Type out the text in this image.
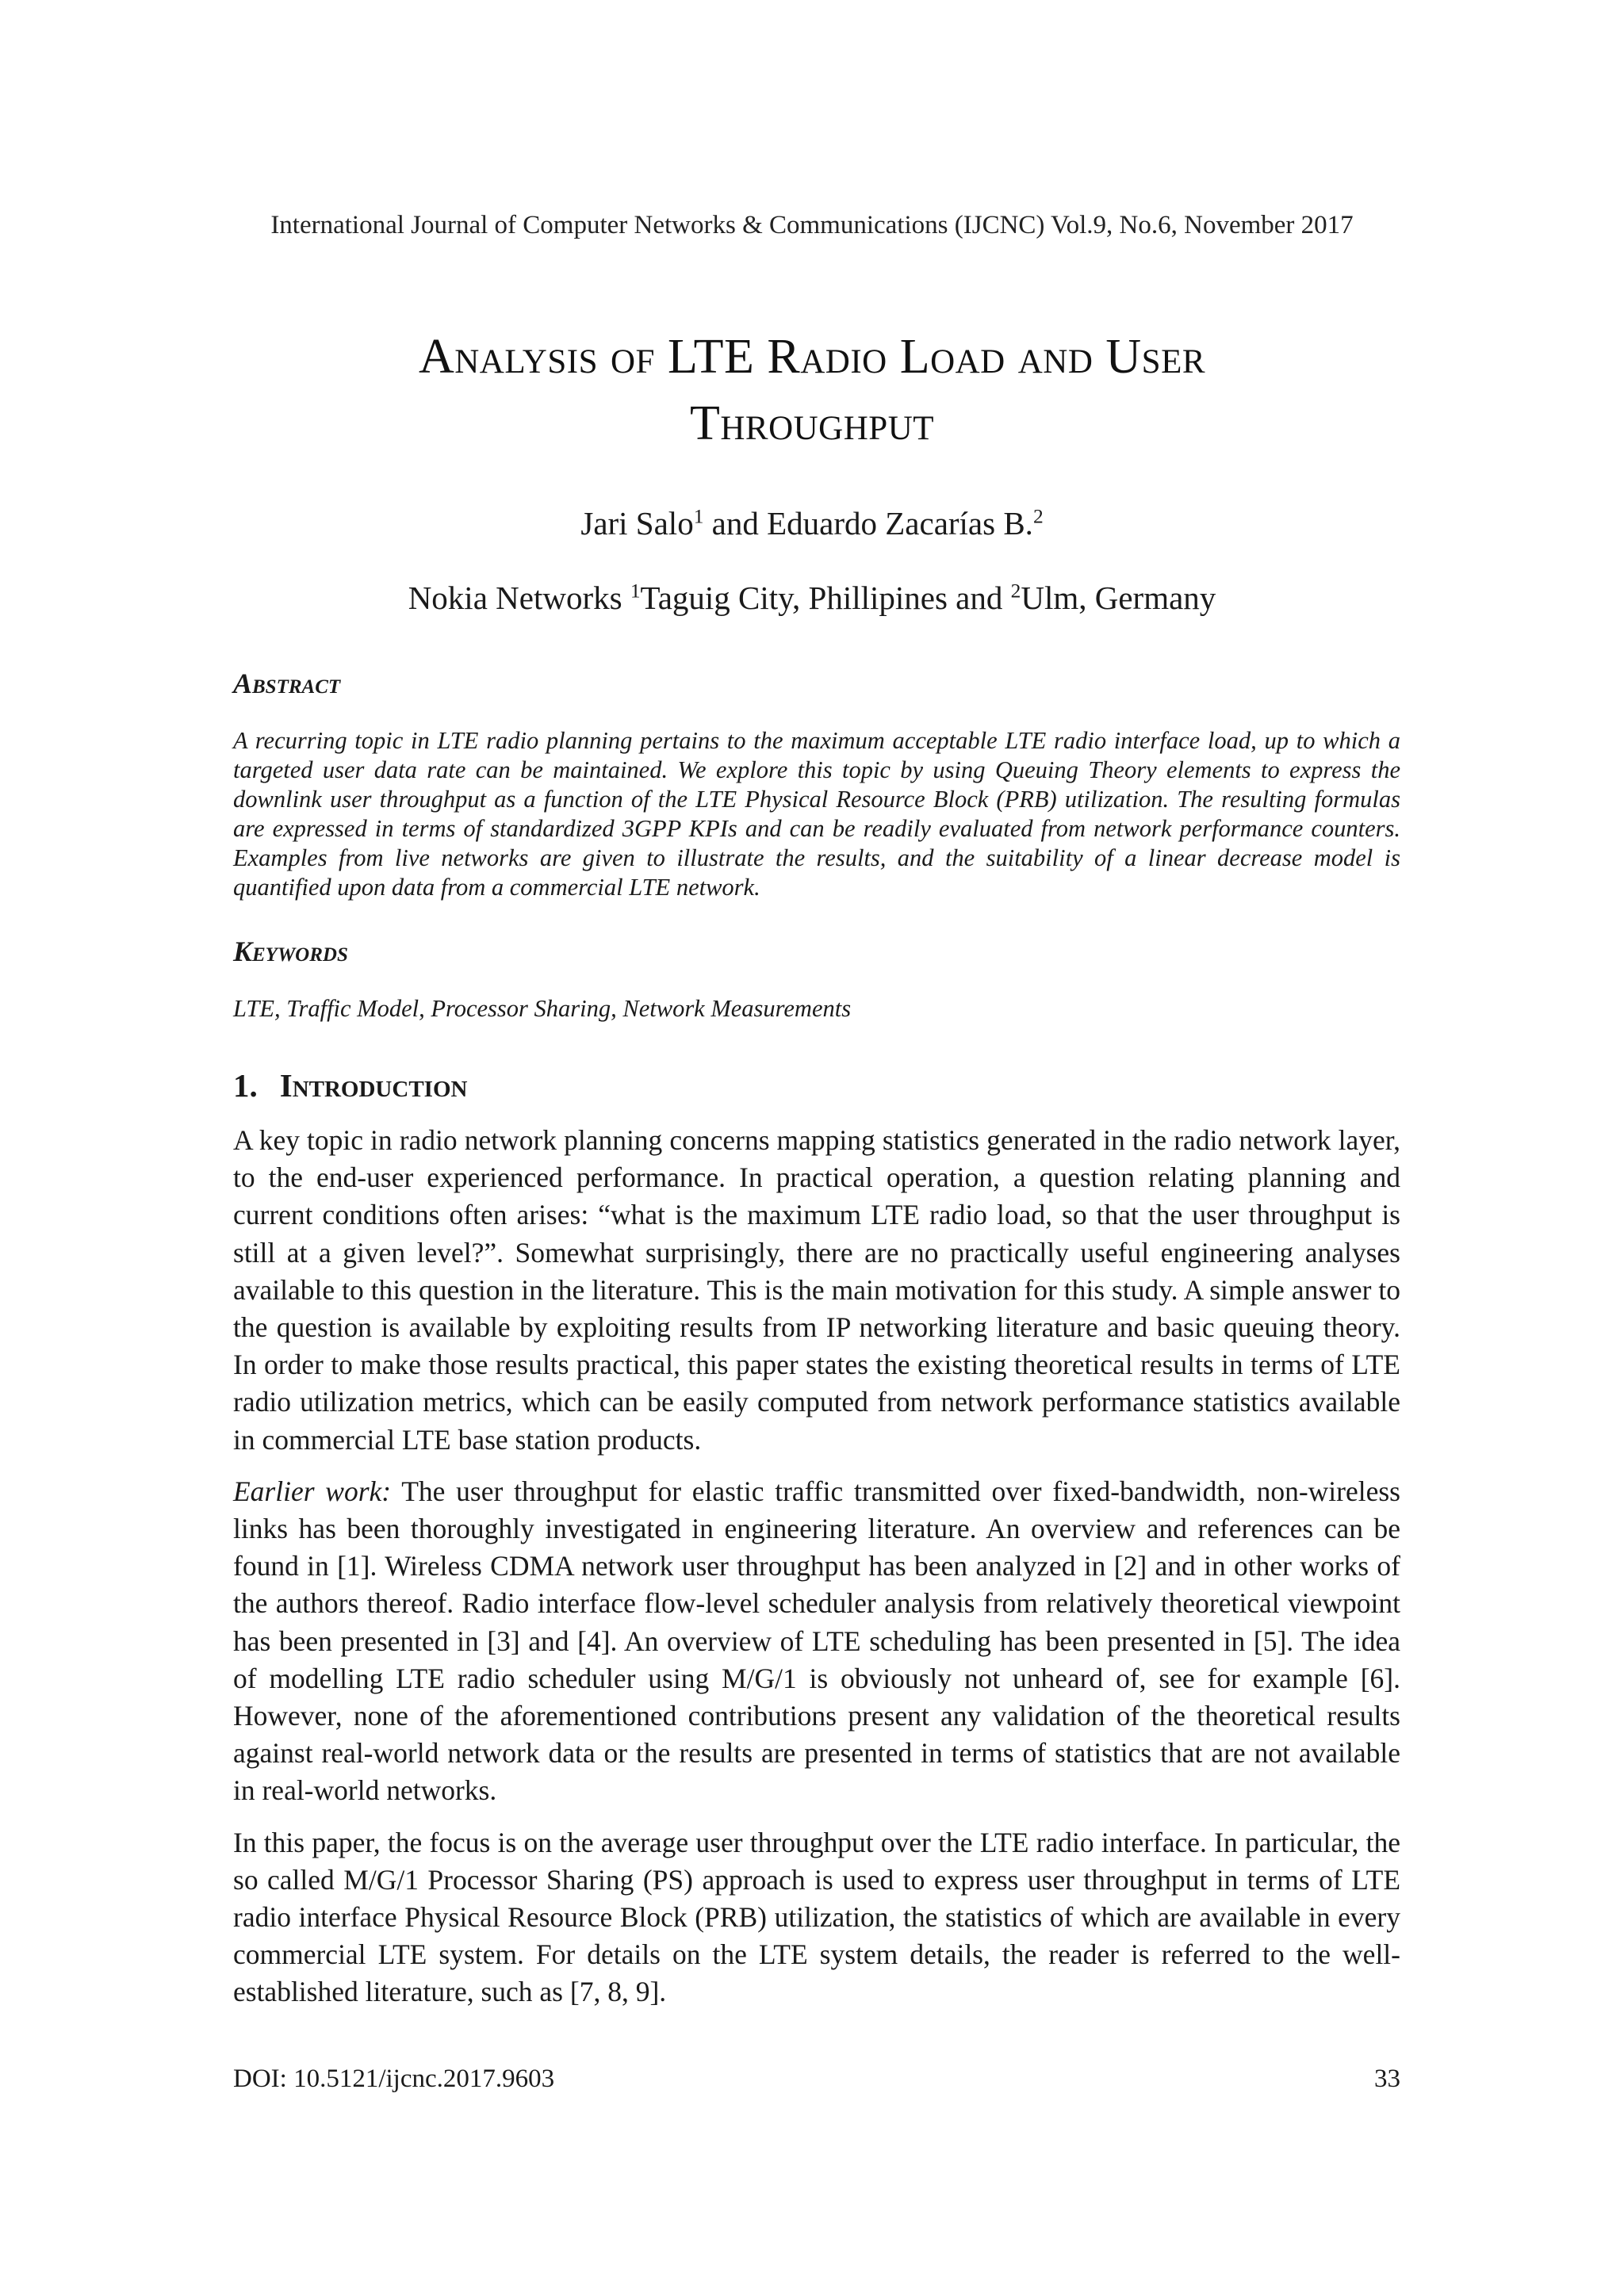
International Journal of Computer Networks & Communications (IJCNC) Vol.9, No.6, November 2017
Analysis of LTE Radio Load and User
Throughput
Jari Salo$^1$ and Eduardo Zacarías B.$^2$
Nokia Networks $^1$Taguig City, Phillipines and $^2$Ulm, Germany
Abstract

A recurring topic in LTE radio planning pertains to the maximum acceptable LTE radio interface load, up to which a targeted user data rate can be maintained. We explore this topic by using Queuing Theory elements to express the downlink user throughput as a function of the LTE Physical Resource Block (PRB) utilization. The resulting formulas are expressed in terms of standardized 3GPP KPIs and can be readily evaluated from network performance counters. Examples from live networks are given to illustrate the results, and the suitability of a linear decrease model is quantified upon data from a commercial LTE network.

Keywords

LTE, Traffic Model, Processor Sharing, Network Measurements

1. Introduction

A key topic in radio network planning concerns mapping statistics generated in the radio network layer, to the end-user experienced performance. In practical operation, a question relating planning and current conditions often arises: “what is the maximum LTE radio load, so that the user throughput is still at a given level?”. Somewhat surprisingly, there are no practically useful engineering analyses available to this question in the literature. This is the main motivation for this study. A simple answer to the question is available by exploiting results from IP networking literature and basic queuing theory. In order to make those results practical, this paper states the existing theoretical results in terms of LTE radio utilization metrics, which can be easily computed from network performance statistics available in commercial LTE base station products.

Earlier work: The user throughput for elastic traffic transmitted over fixed-bandwidth, non-wireless links has been thoroughly investigated in engineering literature. An overview and references can be found in [1]. Wireless CDMA network user throughput has been analyzed in [2] and in other works of the authors thereof. Radio interface flow-level scheduler analysis from relatively theoretical viewpoint has been presented in [3] and [4]. An overview of LTE scheduling has been presented in [5]. The idea of modelling LTE radio scheduler using M/G/1 is obviously not unheard of, see for example [6]. However, none of the aforementioned contributions present any validation of the theoretical results against real-world network data or the results are presented in terms of statistics that are not available in real-world networks.

In this paper, the focus is on the average user throughput over the LTE radio interface. In particular, the so called M/G/1 Processor Sharing (PS) approach is used to express user throughput in terms of LTE radio interface Physical Resource Block (PRB) utilization, the statistics of which are available in every commercial LTE system. For details on the LTE system details, the reader is referred to the well-established literature, such as [7, 8, 9].

DOI: 10.5121/ijcnc.2017.9603	33
